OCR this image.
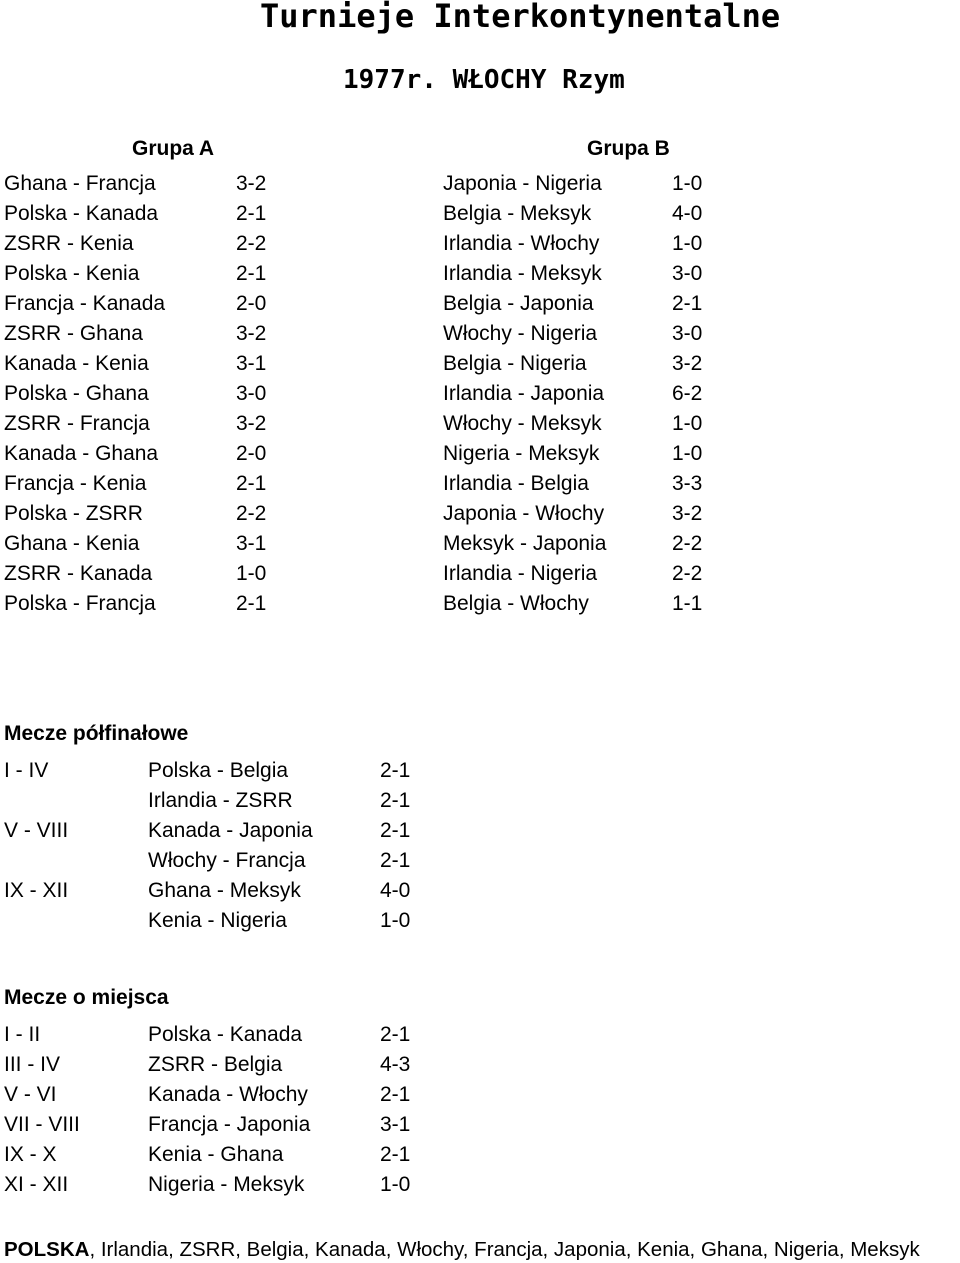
Turnieje Interkontynentalne
1977r. WŁOCHY Rzym
Grupa A	Grupa B
Ghana - Francja	3-2
Polska - Kanada	2-1
ZSRR - Kenia	2-2
Polska - Kenia	2-1
Francja - Kanada	2-0
ZSRR - Ghana	3-2
Kanada - Kenia	3-1
Polska - Ghana	3-0
ZSRR - Francja	3-2
Kanada - Ghana	2-0
Francja - Kenia	2-1
Polska - ZSRR	2-2
Ghana - Kenia	3-1
ZSRR - Kanada	1-0
Polska - Francja	2-1
Japonia - Nigeria	1-0
Belgia - Meksyk	4-0
Irlandia - Włochy	1-0
Irlandia - Meksyk	3-0
Belgia - Japonia	2-1
Włochy - Nigeria	3-0
Belgia - Nigeria	3-2
Irlandia - Japonia	6-2
Włochy - Meksyk	1-0
Nigeria - Meksyk	1-0
Irlandia - Belgia	3-3
Japonia - Włochy	3-2
Meksyk - Japonia	2-2
Irlandia - Nigeria	2-2
Belgia - Włochy	1-1
Mecze półfinałowe
I - IV	Polska - Belgia	2-1
Irlandia - ZSRR	2-1
V - VIII	Kanada - Japonia	2-1
Włochy - Francja	2-1
IX - XII	Ghana - Meksyk	4-0
Kenia - Nigeria	1-0
Mecze o miejsca
I - II	Polska - Kanada	2-1
III - IV	ZSRR - Belgia	4-3
V - VI	Kanada - Włochy	2-1
VII - VIII	Francja - Japonia	3-1
IX - X	Kenia - Ghana	2-1
XI - XII	Nigeria - Meksyk	1-0
POLSKA, Irlandia, ZSRR, Belgia, Kanada, Włochy, Francja, Japonia, Kenia, Ghana, Nigeria, Meksyk
